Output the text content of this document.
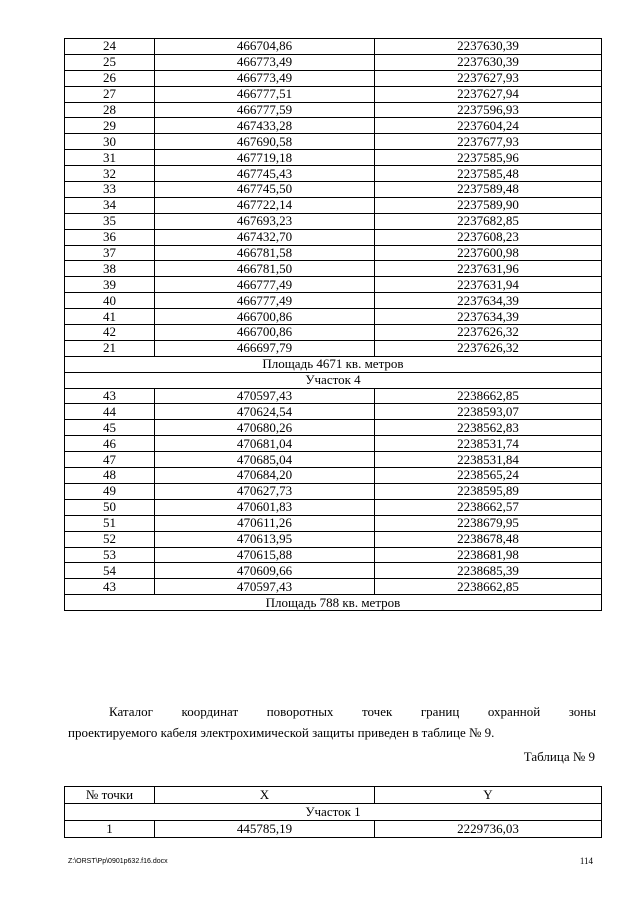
24	466704,86	2237630,39
25	466773,49	2237630,39
26	466773,49	2237627,93
27	466777,51	2237627,94
28	466777,59	2237596,93
29	467433,28	2237604,24
30	467690,58	2237677,93
31	467719,18	2237585,96
32	467745,43	2237585,48
33	467745,50	2237589,48
34	467722,14	2237589,90
35	467693,23	2237682,85
36	467432,70	2237608,23
37	466781,58	2237600,98
38	466781,50	2237631,96
39	466777,49	2237631,94
40	466777,49	2237634,39
41	466700,86	2237634,39
42	466700,86	2237626,32
21	466697,79	2237626,32
Площадь 4671 кв. метров		
Участок 4		
43	470597,43	2238662,85
44	470624,54	2238593,07
45	470680,26	2238562,83
46	470681,04	2238531,74
47	470685,04	2238531,84
48	470684,20	2238565,24
49	470627,73	2238595,89
50	470601,83	2238662,57
51	470611,26	2238679,95
52	470613,95	2238678,48
53	470615,88	2238681,98
54	470609,66	2238685,39
43	470597,43	2238662,85
Площадь 788 кв. метров		
Каталог координат поворотных точек границ охранной зоны
проектируемого кабеля электрохимической защиты приведен в таблице № 9.
Таблица № 9
№ точки	X	Y
Участок 1		
1	445785,19	2229736,03
Z:\ORST\Pp\0901p632.f16.docx	114
